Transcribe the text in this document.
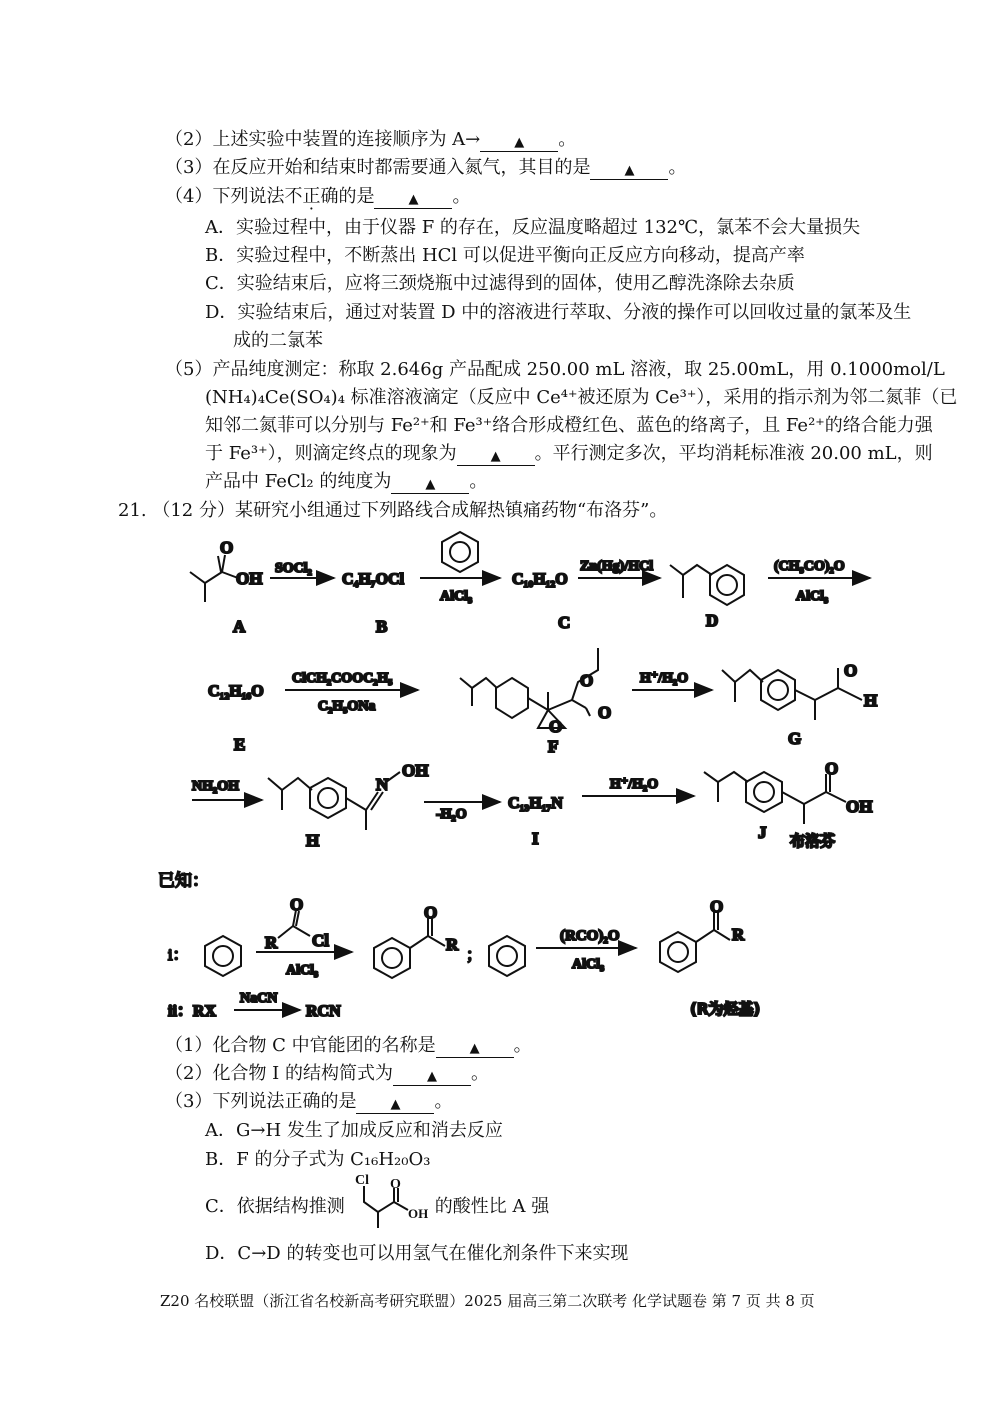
（2）上述实验中装置的连接顺序为 A→	▲ 。
（3）在反应开始和结束时都需要通入氮气，其目的是	▲ 。
（4）下列说法不正确的是	▲ 。
A．实验过程中，由于仪器 F 的存在，反应温度略超过 132℃，氯苯不会大量损失
B．实验过程中，不断蒸出 HCl 可以促进平衡向正反应方向移动，提高产率
C．实验结束后，应将三颈烧瓶中过滤得到的固体，使用乙醇洗涤除去杂质
D．实验结束后，通过对装置 D 中的溶液进行萃取、分液的操作可以回收过量的氯苯及生
成的二氯苯
（5）产品纯度测定：称取 2.646g 产品配成 250.00 mL 溶液，取 25.00mL，用 0.1000mol/L
(NH₄)₄Ce(SO₄)₄ 标准溶液滴定（反应中 Ce⁴⁺被还原为 Ce³⁺），采用的指示剂为邻二氮菲（已
知邻二氮菲可以分别与 Fe²⁺和 Fe³⁺络合形成橙红色、蓝色的络离子，且 Fe²⁺的络合能力强
于 Fe³⁺），则滴定终点的现象为	▲ 。平行测定多次，平均消耗标准液 20.00 mL，则
产品中 FeCl₂ 的纯度为	▲ 。
21. （12 分）某研究小组通过下列路线合成解热镇痛药物“布洛芬”。
O
OH
A
SOCl₂
C₄H₇OCl
B
AlCl₃
C₁₀H₁₂O
C
Zn(Hg)/HCl
D
(CH₃CO)₂O
AlCl₃
C₁₂H₁₆O
E
ClCH₂COOC₂H₅
C₂H₅ONa
O
O
O
F
H⁺/H₂O	O
H
G
NH₂OH	N
OH
H
-H₂O
C₁₃H₁₇N
I
H⁺/H₂O
O
OH
J 布洛芬
已知：
i：
R
O
Cl
AlCl₃
O
R
；
(RCO)₂O
AlCl₃
O
R
ii：RX
NaCN
RCN	(R为烃基)
（1）化合物 C 中官能团的名称是	▲ 。
（2）化合物 I 的结构简式为	▲ 。
（3）下列说法正确的是	▲ 。
A．G→H 发生了加成反应和消去反应
B．F 的分子式为 C₁₆H₂₀O₃
C．依据结构推测	的酸性比 A 强
Cl O
OH
D．C→D 的转变也可以用氢气在催化剂条件下来实现
Z20 名校联盟（浙江省名校新高考研究联盟）2025 届高三第二次联考 化学试题卷 第 7 页 共 8 页
